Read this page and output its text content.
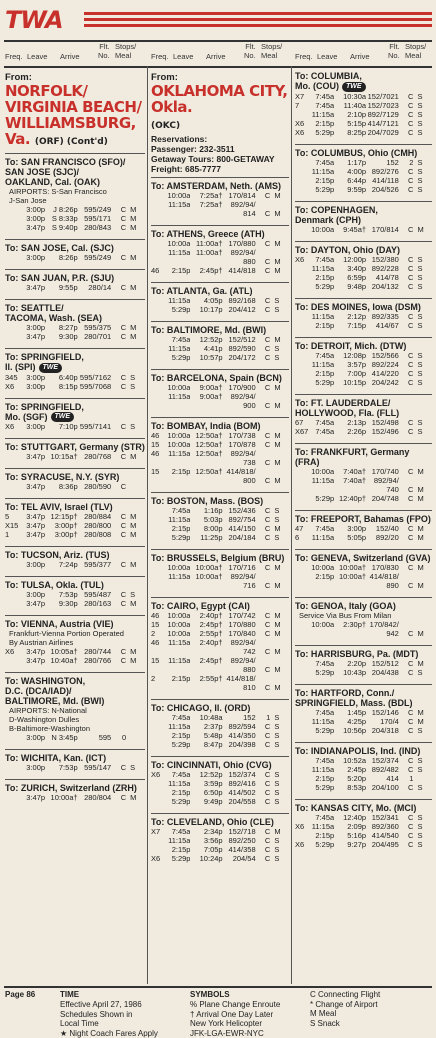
TWA
Freq. Leave Arrive
Flt.
No.
Stops/
Meal	Freq. Leave Arrive
Flt.
No.
Stops/
Meal	Freq. Leave Arrive
Flt.
No.
Stops/
Meal
From:
NORFOLK/
VIRGINIA BEACH/
WILLIAMSBURG,
Va. (ORF) (Cont'd)
To: SAN FRANCISCO (SFO)/
SAN JOSE (SJC)/
OAKLAND, Cal. (OAK)
AIRPORTS: S-San Francisco
J-San Jose
3:00p	J 8:26p 595/249	C M
3:00p S 8:33p 595/171	C M
3:47p S 9:40p 280/843	C M
To: SAN JOSE, Cal. (SJC)
3:00p	8:26p 595/249	C M
To: SAN JUAN, P.R. (SJU)
3:47p	9:55p	280/14	C M
To: SEATTLE/
TACOMA, Wash. (SEA)
3:00p	8:27p 595/375	C M
3:47p	9:30p 280/701	C M
To: SPRINGFIELD,
Il. (SPI) TWE
345	3:00p	6:40p 595/7162	C S
X6	3:00p	8:15p 595/7068	C S
To: SPRINGFIELD,
Mo. (SGF) TWE
X6	3:00p	7:10p 595/7141	C S
To: STUTTGART, Germany (STR)
3:47p 10:15a† 280/768	C M
To: SYRACUSE, N.Y. (SYR)
3:47p	8:36p 280/590	C
To: TEL AVIV, Israel (TLV)
5	3:47p 12:15p† 280/884	C M
X15	3:47p	3:00p† 280/800	C M
1	3:47p	3:00p† 280/808	C M
To: TUCSON, Ariz. (TUS)
3:00p	7:24p 595/377	C M
To: TULSA, Okla. (TUL)
3:00p	7:53p 595/487	C S
3:47p	9:30p 280/163	C M
To: VIENNA, Austria (VIE)
Frankfurt-Vienna Portion Operated
By Austrian Airlines
X6	3:47p 10:05a† 280/744	C M
3:47p 10:40a† 280/766	C M
To: WASHINGTON,
D.C. (DCA/IAD)/
BALTIMORE, Md. (BWI)
AIRPORTS: N-National
D-Washington Dulles
B-Baltimore-Washington
3:00p N 3:45p	595	0
To: WICHITA, Kan. (ICT)
3:00p	7:53p 595/147	C S
To: ZURICH, Switzerland (ZRH)
3:47p 10:00a† 280/804	C M
From:
OKLAHOMA CITY,
Okla.
(OKC)
Reservations:
Passenger: 232-3511
Getaway Tours: 800-GETAWAY
Freight: 685-7777
To: AMSTERDAM, Neth. (AMS)
10:00a	7:25a† 170/814	C M
11:15a	7:25a†	892/94/
814	C M
To: ATHENS, Greece (ATH)
10:00a 11:00a† 170/880	C M
11:15a 11:00a†	892/94/
880	C M
46	2:15p	2:45p† 414/818	C M
To: ATLANTA, Ga. (ATL)
11:15a	4:05p 892/168	C S
5:29p	10:17p 204/412	C S
To: BALTIMORE, Md. (BWI)
7:45a	12:52p 152/512	C M
11:15a	4:41p 892/590	C S
5:29p	10:57p 204/172	C S
To: BARCELONA, Spain (BCN)
10:00a	9:00a† 170/900	C M
11:15a	9:00a†	892/94/
900	C M
To: BOMBAY, India (BOM)
46	10:00a 12:50a† 170/738	C M
15	10:00a 12:50a† 170/878	C M
46	11:15a 12:50a†	892/94/
738	C M
15	2:15p 12:50a† 414/818/
800	C M
To: BOSTON, Mass. (BOS)
7:45a	1:16p 152/436	C S
11:15a	5:03p 892/754	C S
2:15p	8:00p 414/150	C M
5:29p	11:25p 204/184	C S
To: BRUSSELS, Belgium (BRU)
10:00a 10:00a† 170/716	C M
11:15a 10:00a†	892/94/
716	C M
To: CAIRO, Egypt (CAI)
46	10:00a	2:40p† 170/742	C M
15	10:00a	2:45p† 170/880	C M
2	10:00a	2:55p† 170/840	C M
46	11:15a	2:40p†	892/94/
742	C M
15	11:15a	2:45p†	892/94/
880	C M
2	2:15p	2:55p† 414/818/
810	C M
To: CHICAGO, Il. (ORD)
7:45a	10:48a	152	1 S
11:15a	2:37p 892/594	C S
2:15p	5:48p 414/350	C S
5:29p	8:47p 204/398	C S
To: CINCINNATI, Ohio (CVG)
X6	7:45a	12:52p 152/374	C S
11:15a	3:59p 892/416	C S
2:15p	6:50p 414/502	C S
5:29p	9:49p 204/558	C S
To: CLEVELAND, Ohio (CLE)
X7	7:45a	2:34p 152/718	C M
11:15a	3:56p 892/250	C S
2:15p	7:05p 414/358	C S
X6	5:29p	10:24p	204/54	C S
To: COLUMBIA,
Mo. (COU) TWE
X7	7:45a	10:30a 152/7021	C S
7	7:45a	11:40a 152/7023	C S
11:15a	2:10p 892/7129	C S
X6	2:15p	5:15p 414/7121	C S
X6	5:29p	8:25p 204/7029	C S
To: COLUMBUS, Ohio (CMH)
7:45a	1:17p	152	2 S
11:15a	4:00p 892/276	C S
2:15p	6:44p 414/118	C S
5:29p	9:59p 204/526	C S
To: COPENHAGEN,
Denmark (CPH)
10:00a	9:45a† 170/814	C M
To: DAYTON, Ohio (DAY)
X6	7:45a	12:00p 152/380	C S
11:15a	3:40p 892/228	C S
2:15p	6:59p	414/78	C S
5:29p	9:48p 204/132	C S
To: DES MOINES, Iowa (DSM)
11:15a	2:12p 892/335	C S
2:15p	7:15p	414/67	C S
To: DETROIT, Mich. (DTW)
7:45a	12:08p 152/566	C S
11:15a	3:57p 892/224	C S
2:15p	7:00p 414/220	C S
5:29p	10:15p 204/242	C S
To: FT. LAUDERDALE/
HOLLYWOOD, Fla. (FLL)
67	7:45a	2:13p 152/498	C S
X67 7:45a	2:26p 152/496	C S
To: FRANKFURT, Germany (FRA)
10:00a	7:40a† 170/740	C M
11:15a	7:40a†	892/94/
740	C M
5:29p 12:40p† 204/748	C M
To: FREEPORT, Bahamas (FPO)
47	7:45a	3:00p	152/40	C M
6	11:15a	5:05p	892/20	C M
To: GENEVA, Switzerland (GVA)
10:00a 10:00a† 170/830	C M
2:15p 10:00a† 414/818/
890	C M
To: GENOA, Italy (GOA)
Service Via Bus From Milan
10:00a	2:30p† 170/842/
942	C M
To: HARRISBURG, Pa. (MDT)
7:45a	2:20p 152/512	C M
5:29p	10:43p 204/438	C S
To: HARTFORD, Conn./
SPRINGFIELD, Mass. (BDL)
7:45a	1:45p 152/146	C M
11:15a	4:25p	170/4	C M
5:29p	10:56p 204/318	C S
To: INDIANAPOLIS, Ind. (IND)
7:45a	10:52a 152/374	C S
11:15a	2:45p 892/482	C S
2:15p	5:20p	414	1
5:29p	8:53p 204/100	C S
To: KANSAS CITY, Mo. (MCI)
7:45a	12:40p 152/341	C S
X6	11:15a	2:09p 892/360	C S
2:15p	5:16p 414/540	C S
X6	5:29p	9:27p 204/495	C S
Page 86	TIME
Effective April 27, 1986
Schedules Shown in
Local Time
★ Night Coach Fares Apply
SYMBOLS
% Plane Change Enroute
† Arrival One Day Later
New York Helicopter
JFK-LGA-EWR-NYC
C Connecting Flight
* Change of Airport
M Meal
S Snack
